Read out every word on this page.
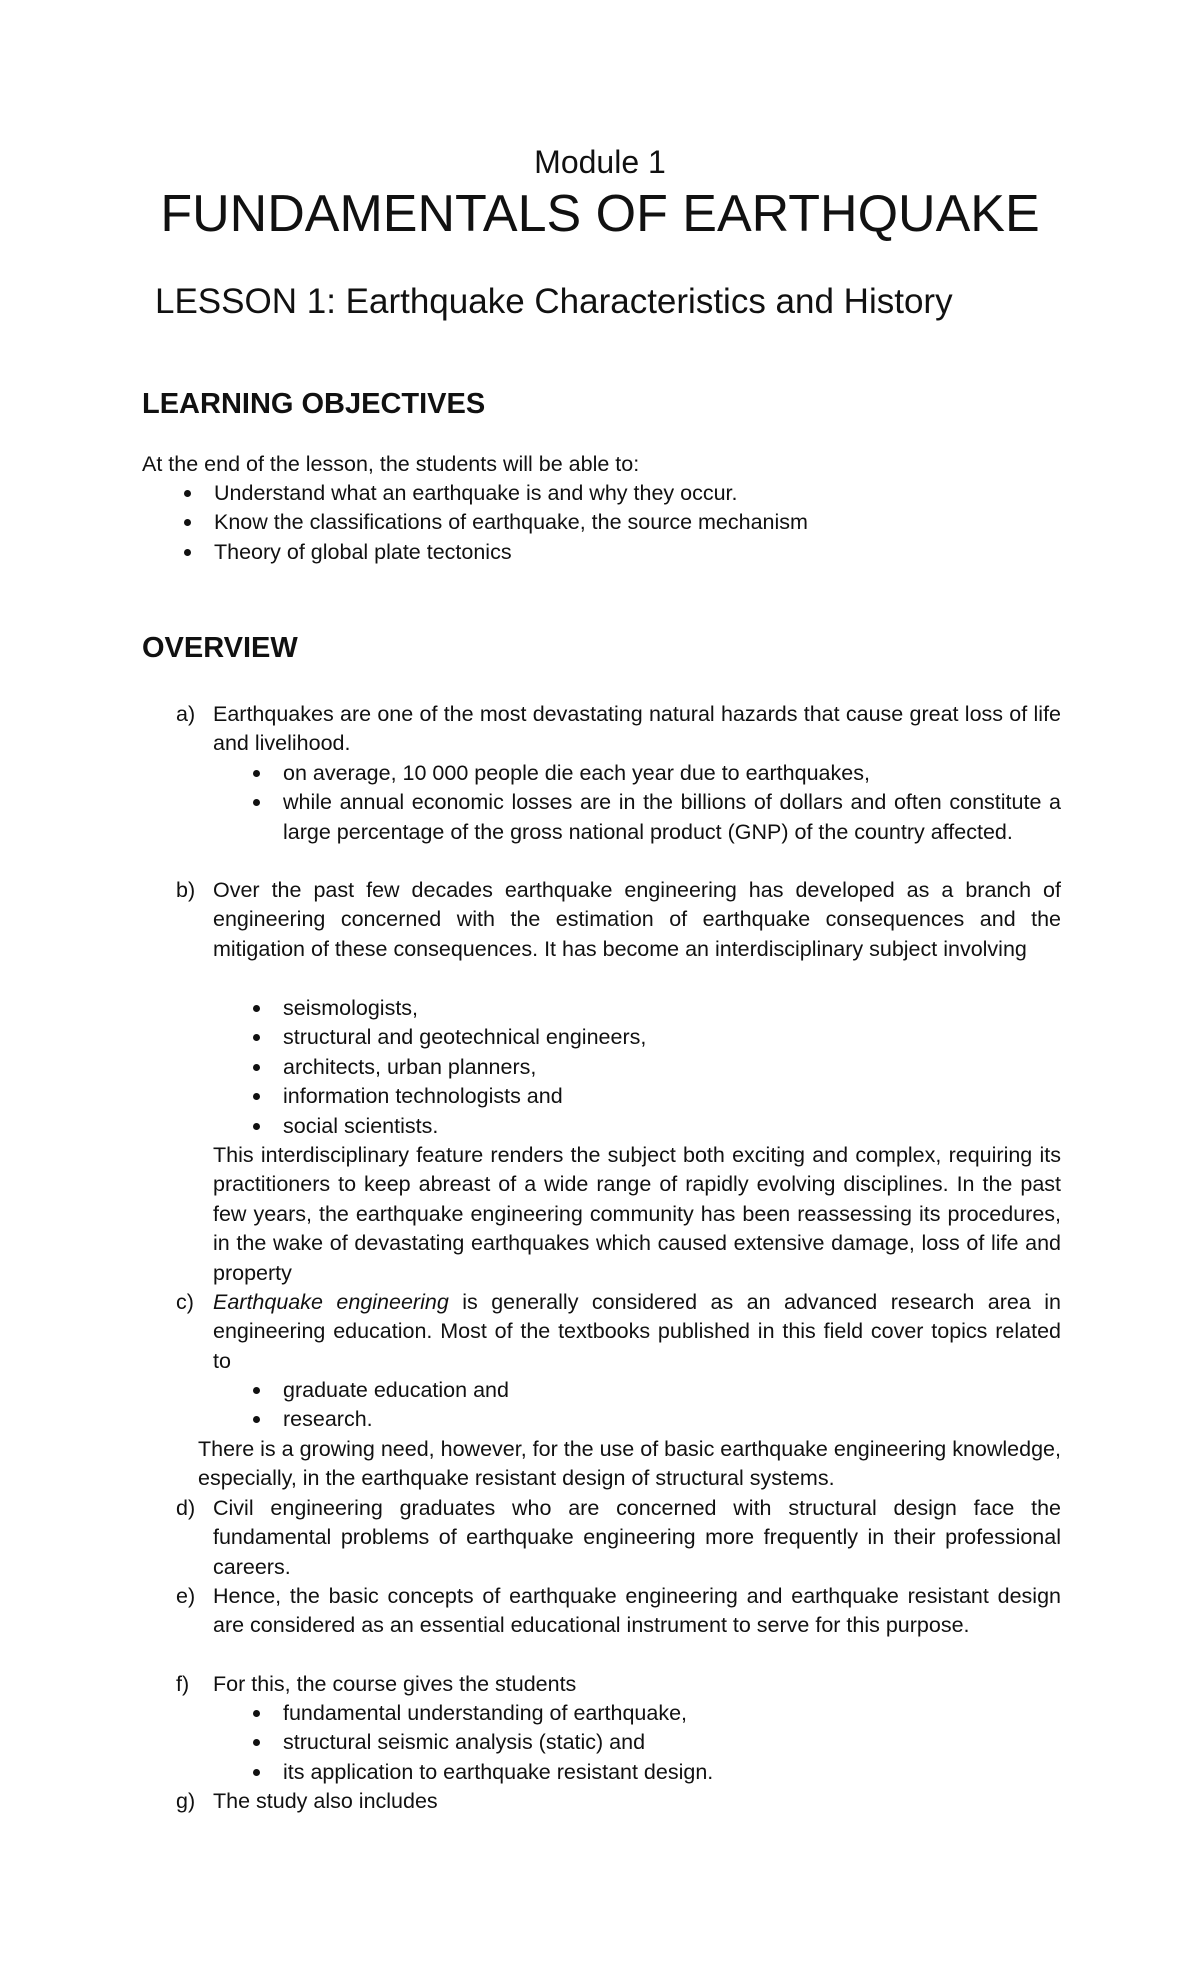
Module 1
FUNDAMENTALS OF EARTHQUAKE
LESSON 1: Earthquake Characteristics and History
LEARNING OBJECTIVES
At the end of the lesson, the students will be able to:
Understand what an earthquake is and why they occur.
Know the classifications of earthquake, the source mechanism
Theory of global plate tectonics
OVERVIEW
a) Earthquakes are one of the most devastating natural hazards that cause great loss of life and livelihood.
on average, 10 000 people die each year due to earthquakes,
while annual economic losses are in the billions of dollars and often constitute a large percentage of the gross national product (GNP) of the country affected.
b) Over the past few decades earthquake engineering has developed as a branch of engineering concerned with the estimation of earthquake consequences and the mitigation of these consequences. It has become an interdisciplinary subject involving
seismologists,
structural and geotechnical engineers,
architects, urban planners,
information technologists and
social scientists.
This interdisciplinary feature renders the subject both exciting and complex, requiring its practitioners to keep abreast of a wide range of rapidly evolving disciplines. In the past few years, the earthquake engineering community has been reassessing its procedures, in the wake of devastating earthquakes which caused extensive damage, loss of life and property
c) Earthquake engineering is generally considered as an advanced research area in engineering education. Most of the textbooks published in this field cover topics related to
graduate education and
research.
There is a growing need, however, for the use of basic earthquake engineering knowledge, especially, in the earthquake resistant design of structural systems.
d) Civil engineering graduates who are concerned with structural design face the fundamental problems of earthquake engineering more frequently in their professional careers.
e) Hence, the basic concepts of earthquake engineering and earthquake resistant design are considered as an essential educational instrument to serve for this purpose.
f) For this, the course gives the students
fundamental understanding of earthquake,
structural seismic analysis (static) and
its application to earthquake resistant design.
g) The study also includes
